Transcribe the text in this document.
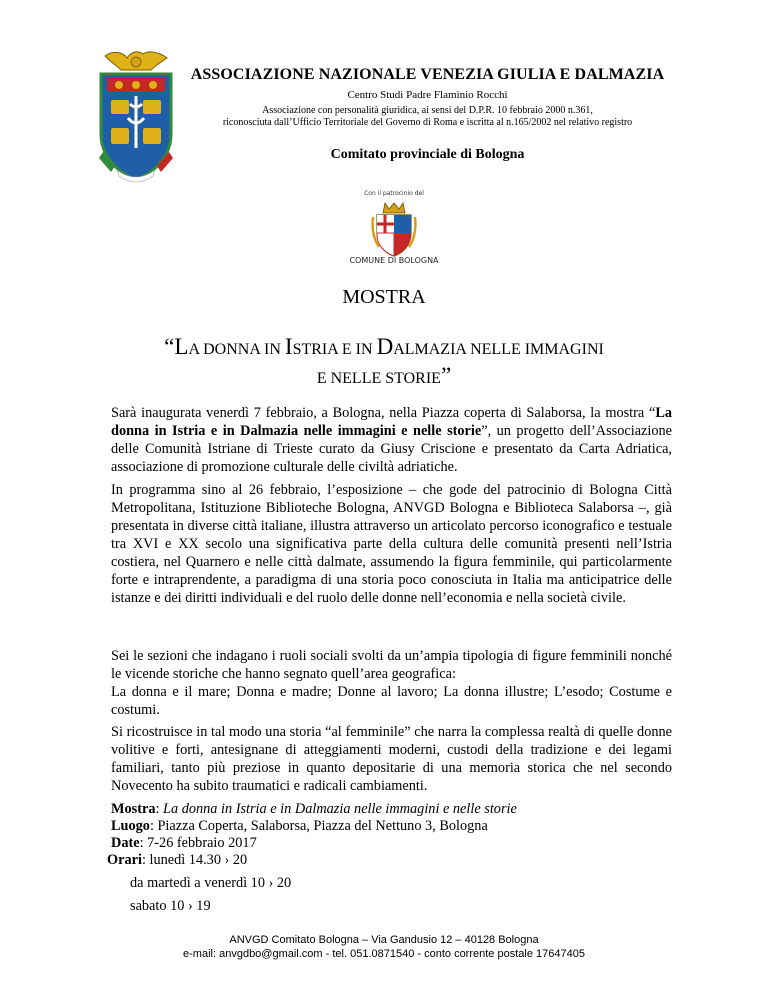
ASSOCIAZIONE NAZIONALE VENEZIA GIULIA E DALMAZIA
Centro Studi Padre Flaminio Rocchi
Associazione con personalità giuridica, ai sensi del D.P.R. 10 febbraio 2000 n.361,
riconosciuta dall’Ufficio Territoriale del Governo di Roma e iscritta al n.165/2002 nel relativo registro
Comitato provinciale di Bologna
Con il patrocinio del
COMUNE DI BOLOGNA
MOSTRA
“LA DONNA IN ISTRIA E IN DALMAZIA NELLE IMMAGINI
E NELLE STORIE”
Sarà inaugurata venerdì 7 febbraio, a Bologna, nella Piazza coperta di Salaborsa, la mostra “La donna in Istria e in Dalmazia nelle immagini e nelle storie”, un progetto dell’Associazione delle Comunità Istriane di Trieste curato da Giusy Criscione e presentato da Carta Adriatica, associazione di promozione culturale delle civiltà adriatiche.
In programma sino al 26 febbraio, l’esposizione – che gode del patrocinio di Bologna Città Metropolitana, Istituzione Biblioteche Bologna, ANVGD Bologna e Biblioteca Salaborsa –, già presentata in diverse città italiane, illustra attraverso un articolato percorso iconografico e testuale tra XVI e XX secolo una significativa parte della cultura delle comunità presenti nell’Istria costiera, nel Quarnero e nelle città dalmate, assumendo la figura femminile, qui particolarmente forte e intraprendente, a paradigma di una storia poco conosciuta in Italia ma anticipatrice delle istanze e dei diritti individuali e del ruolo delle donne nell’economia e nella società civile.
Sei le sezioni che indagano i ruoli sociali svolti da un’ampia tipologia di figure femminili nonché le vicende storiche che hanno segnato quell’area geografica:
La donna e il mare; Donna e madre; Donne al lavoro; La donna illustre; L’esodo; Costume e costumi.
Si ricostruisce in tal modo una storia “al femminile” che narra la complessa realtà di quelle donne volitive e forti, antesignane di atteggiamenti moderni, custodi della tradizione e dei legami familiari, tanto più preziose in quanto depositarie di una memoria storica che nel secondo Novecento ha subito traumatici e radicali cambiamenti.
Mostra: La donna in Istria e in Dalmazia nelle immagini e nelle storie
Luogo: Piazza Coperta, Salaborsa, Piazza del Nettuno 3, Bologna
Date: 7-26 febbraio 2017
Orari: lunedì 14.30 › 20
da martedì a venerdì 10 › 20
sabato 10 › 19
ANVGD Comitato Bologna – Via Gandusio 12 – 40128 Bologna
e-mail: anvgdbo@gmail.com - tel. 051.0871540 - conto corrente postale 17647405
